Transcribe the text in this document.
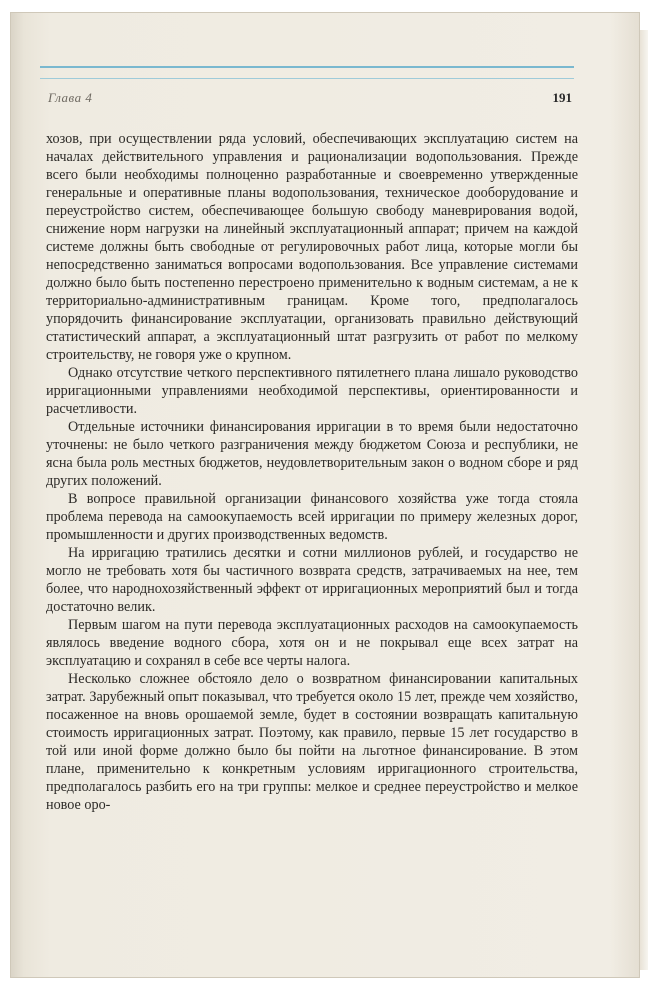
Глава 4	191

хозов, при осуществлении ряда условий, обеспечивающих эксплуатацию систем на началах действительного управления и рационализации водопользования. Прежде всего были необходимы полноценно разработанные и своевременно утвержденные генеральные и оперативные планы водопользования, техническое дооборудование и переустройство систем, обеспечивающее большую свободу маневрирования водой, снижение норм нагрузки на линейный эксплуатационный аппарат; причем на каждой системе должны быть свободные от регулировочных работ лица, которые могли бы непосредственно заниматься вопросами водопользования. Все управление системами должно было быть постепенно перестроено применительно к водным системам, а не к территориально-административным границам. Кроме того, предполагалось упорядочить финансирование эксплуатации, организовать правильно действующий статистический аппарат, а эксплуатационный штат разгрузить от работ по мелкому строительству, не говоря уже о крупном.

Однако отсутствие четкого перспективного пятилетнего плана лишало руководство ирригационными управлениями необходимой перспективы, ориентированности и расчетливости.

Отдельные источники финансирования ирригации в то время были недостаточно уточнены: не было четкого разграничения между бюджетом Союза и республики, не ясна была роль местных бюджетов, неудовлетворительным закон о водном сборе и ряд других положений.

В вопросе правильной организации финансового хозяйства уже тогда стояла проблема перевода на самоокупаемость всей ирригации по примеру железных дорог, промышленности и других производственных ведомств.

На ирригацию тратились десятки и сотни миллионов рублей, и государство не могло не требовать хотя бы частичного возврата средств, затрачиваемых на нее, тем более, что народнохозяйственный эффект от ирригационных мероприятий был и тогда достаточно велик.

Первым шагом на пути перевода эксплуатационных расходов на самоокупаемость являлось введение водного сбора, хотя он и не покрывал еще всех затрат на эксплуатацию и сохранял в себе все черты налога.

Несколько сложнее обстояло дело о возвратном финансировании капитальных затрат. Зарубежный опыт показывал, что требуется около 15 лет, прежде чем хозяйство, посаженное на вновь орошаемой земле, будет в состоянии возвращать капитальную стоимость ирригационных затрат. Поэтому, как правило, первые 15 лет государство в той или иной форме должно было бы пойти на льготное финансирование. В этом плане, применительно к конкретным условиям ирригационного строительства, предполагалось разбить его на три группы: мелкое и среднее переустройство и мелкое новое оро-
